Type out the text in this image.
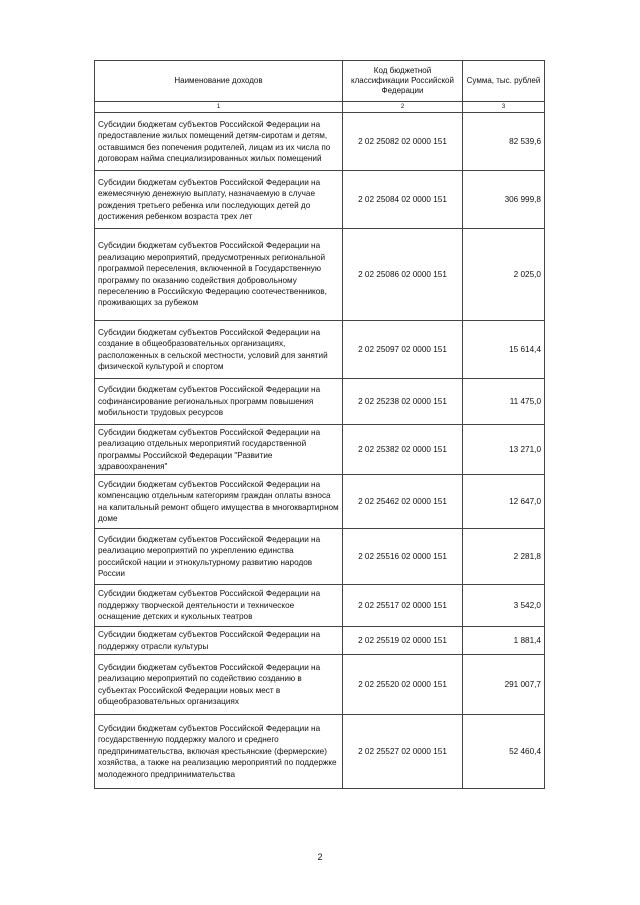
Наименование доходов	Код бюджетной классификации Российской Федерации	Сумма, тыс. рублей
1	2	3
Субсидии бюджетам субъектов Российской Федерации на предоставление жилых помещений детям-сиротам и детям, оставшимся без попечения родителей, лицам из их числа по договорам найма специализированных жилых помещений	2 02 25082 02 0000 151	82 539,6
Субсидии бюджетам субъектов Российской Федерации на ежемесячную денежную выплату, назначаемую в случае рождения третьего ребенка или последующих детей до достижения ребенком возраста трех лет	2 02 25084 02 0000 151	306 999,8
Субсидии бюджетам субъектов Российской Федерации на реализацию мероприятий, предусмотренных региональной программой переселения, включенной в Государственную программу по оказанию содействия добровольному переселению в Российскую Федерацию соотечественников, проживающих за рубежом	2 02 25086 02 0000 151	2 025,0
Субсидии бюджетам субъектов Российской Федерации на создание в общеобразовательных организациях, расположенных в сельской местности, условий для занятий физической культурой и спортом	2 02 25097 02 0000 151	15 614,4
Субсидии бюджетам субъектов Российской Федерации на софинансирование региональных программ повышения мобильности трудовых ресурсов	2 02 25238 02 0000 151	11 475,0
Субсидии бюджетам субъектов Российской Федерации на реализацию отдельных мероприятий государственной программы Российской Федерации "Развитие здравоохранения"	2 02 25382 02 0000 151	13 271,0
Субсидии бюджетам субъектов Российской Федерации на компенсацию отдельным категориям граждан оплаты взноса на капитальный ремонт общего имущества в многоквартирном доме	2 02 25462 02 0000 151	12 647,0
Субсидии бюджетам субъектов Российской Федерации на реализацию мероприятий по укреплению единства российской нации и этнокультурному развитию народов России	2 02 25516 02 0000 151	2 281,8
Субсидии бюджетам субъектов Российской Федерации на поддержку творческой деятельности и техническое оснащение детских и кукольных театров	2 02 25517 02 0000 151	3 542,0
Субсидии бюджетам субъектов Российской Федерации на поддержку отрасли культуры	2 02 25519 02 0000 151	1 881,4
Субсидии бюджетам субъектов Российской Федерации на реализацию мероприятий по содействию созданию в субъектах Российской Федерации новых мест в общеобразовательных организациях	2 02 25520 02 0000 151	291 007,7
Субсидии бюджетам субъектов Российской Федерации на государственную поддержку малого и среднего предпринимательства, включая крестьянские (фермерские) хозяйства, а также на реализацию мероприятий по поддержке молодежного предпринимательства	2 02 25527 02 0000 151	52 460,4
2
